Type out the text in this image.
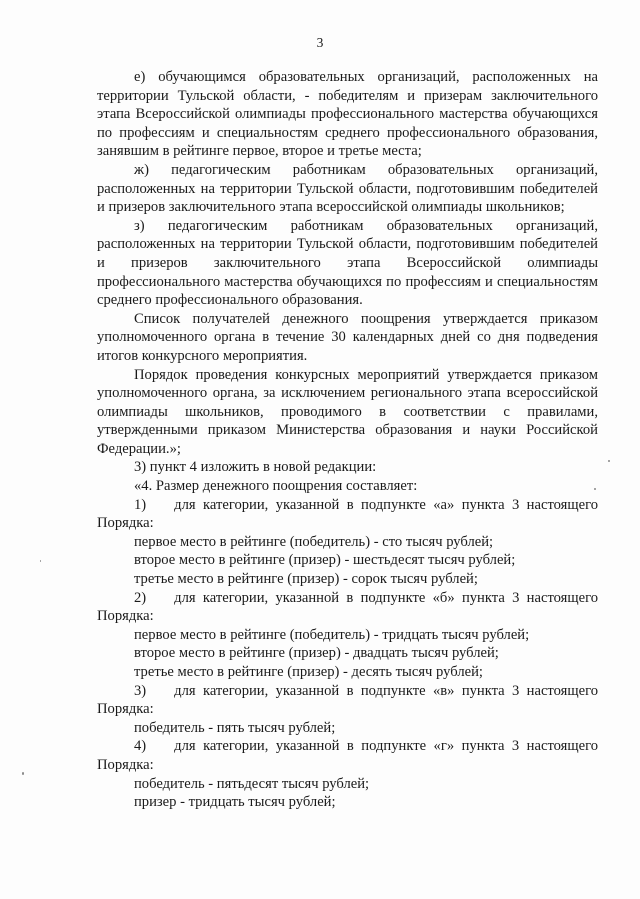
3

е) обучающимся образовательных организаций, расположенных на территории Тульской области, - победителям и призерам заключительного этапа Всероссийской олимпиады профессионального мастерства обучающихся по профессиям и специальностям среднего профессионального образования, занявшим в рейтинге первое, второе и третье места;

ж) педагогическим работникам образовательных организаций, расположенных на территории Тульской области, подготовившим победителей и призеров заключительного этапа всероссийской олимпиады школьников;

з) педагогическим работникам образовательных организаций, расположенных на территории Тульской области, подготовившим победителей и призеров заключительного этапа Всероссийской олимпиады профессионального мастерства обучающихся по профессиям и специальностям среднего профессионального образования.

Список получателей денежного поощрения утверждается приказом уполномоченного органа в течение 30 календарных дней со дня подведения итогов конкурсного мероприятия.

Порядок проведения конкурсных мероприятий утверждается приказом уполномоченного органа, за исключением регионального этапа всероссийской олимпиады школьников, проводимого в соответствии с правилами, утвержденными приказом Министерства образования и науки Российской Федерации.»;

3) пункт 4 изложить в новой редакции:

«4. Размер денежного поощрения составляет:

1) для категории, указанной в подпункте «а» пункта 3 настоящего

Порядка:

первое место в рейтинге (победитель) - сто тысяч рублей;

второе место в рейтинге (призер) - шестьдесят тысяч рублей;

третье место в рейтинге (призер) - сорок тысяч рублей;

2) для категории, указанной в подпункте «б» пункта 3 настоящего

Порядка:

первое место в рейтинге (победитель) - тридцать тысяч рублей;

второе место в рейтинге (призер) - двадцать тысяч рублей;

третье место в рейтинге (призер) - десять тысяч рублей;

3) для категории, указанной в подпункте «в» пункта 3 настоящего

Порядка:

победитель - пять тысяч рублей;

4) для категории, указанной в подпункте «г» пункта 3 настоящего

Порядка:

победитель - пятьдесят тысяч рублей;

призер - тридцать тысяч рублей;
